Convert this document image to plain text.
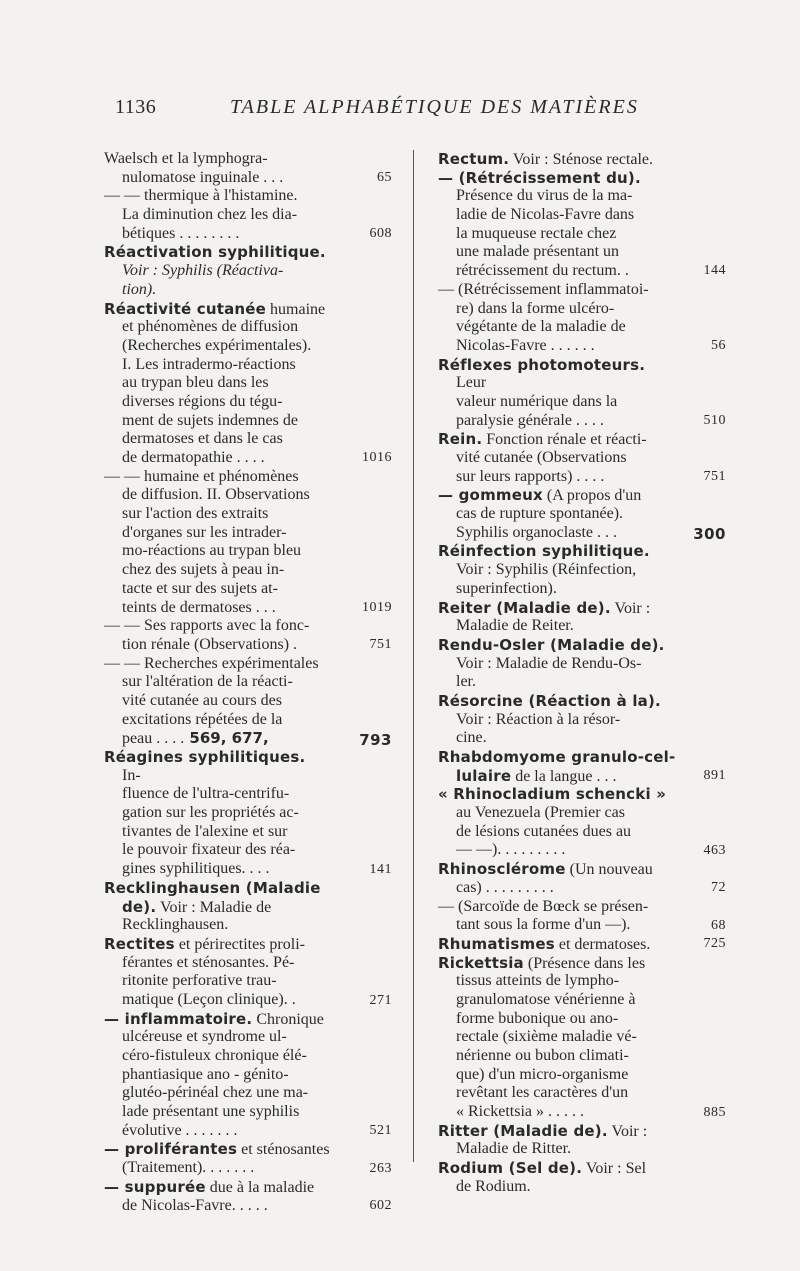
1136	TABLE ALPHABÉTIQUE DES MATIÈRES
Waelsch et la lymphogra-
nulomatose inguinale . . .
— — thermique à l'histamine.
La diminution chez les dia-
bétiques . . . . . . . .
Réactivation syphilitique.
Voir : Syphilis (Réactiva-
tion).
Réactivité cutanée humaine
et phénomènes de diffusion
(Recherches expérimentales).
I. Les intradermo-réactions
au trypan bleu dans les
diverses régions du tégu-
ment de sujets indemnes de
dermatoses et dans le cas
de dermatopathie . . . .
— — humaine et phénomènes
de diffusion. II. Observations
sur l'action des extraits
d'organes sur les intrader-
mo-réactions au trypan bleu
chez des sujets à peau in-
tacte et sur des sujets at-
teints de dermatoses . . .
— — Ses rapports avec la fonc-
tion rénale (Observations) .
— — Recherches expérimentales
sur l'altération de la réacti-
vité cutanée au cours des
excitations répétées de la
peau . . . . 569, 677,
Réagines syphilitiques.
In-
fluence de l'ultra-centrifu-
gation sur les propriétés ac-
tivantes de l'alexine et sur
le pouvoir fixateur des réa-
gines syphilitiques. . . .
Recklinghausen (Maladie
de). Voir : Maladie de
Recklinghausen.
Rectites et périrectites proli-
férantes et sténosantes. Pé-
ritonite perforative trau-
matique (Leçon clinique). .
— inflammatoire. Chronique
ulcéreuse et syndrome ul-
céro-fistuleux chronique élé-
phantiasique ano - génito-
glutéo-périnéal chez une ma-
lade présentant une syphilis
évolutive . . . . . . .
— proliférantes et sténosantes
(Traitement). . . . . . .
— suppurée due à la maladie
de Nicolas-Favre. . . . .
Rectum. Voir : Sténose rectale.
— (Rétrécissement du).
Présence du virus de la ma-
ladie de Nicolas-Favre dans
la muqueuse rectale chez
une malade présentant un
rétrécissement du rectum. .
— (Rétrécissement inflammatoi-
re) dans la forme ulcéro-
végétante de la maladie de
Nicolas-Favre . . . . . .
Réflexes photomoteurs.
Leur
valeur numérique dans la
paralysie générale . . . .
Rein. Fonction rénale et réacti-
vité cutanée (Observations
sur leurs rapports) . . . .
— gommeux (A propos d'un
cas de rupture spontanée).
Syphilis organoclaste . . .
Réinfection syphilitique.
Voir : Syphilis (Réinfection,
superinfection).
Reiter (Maladie de). Voir :
Maladie de Reiter.
Rendu-Osler (Maladie de).
Voir : Maladie de Rendu-Os-
ler.
Résorcine (Réaction à la).
Voir : Réaction à la résor-
cine.
Rhabdomyome granulo-cel-
lulaire de la langue . . .
« Rhinocladium schencki »
au Venezuela (Premier cas
de lésions cutanées dues au
— —). . . . . . . . .
Rhinosclérome (Un nouveau
cas) . . . . . . . . .
— (Sarcoïde de Bœck se présen-
tant sous la forme d'un —).
Rhumatismes et dermatoses.
Rickettsia (Présence dans les
tissus atteints de lympho-
granulomatose vénérienne à
forme bubonique ou ano-
rectale (sixième maladie vé-
nérienne ou bubon climati-
que) d'un micro-organisme
revêtant les caractères d'un
« Rickettsia » . . . . .
Ritter (Maladie de). Voir :
Maladie de Ritter.
Rodium (Sel de). Voir : Sel
de Rodium.
65
608
1016
1019
751
793
141
271
521
263
602
144
56
510
751
300
891
463
72
68
725
885
